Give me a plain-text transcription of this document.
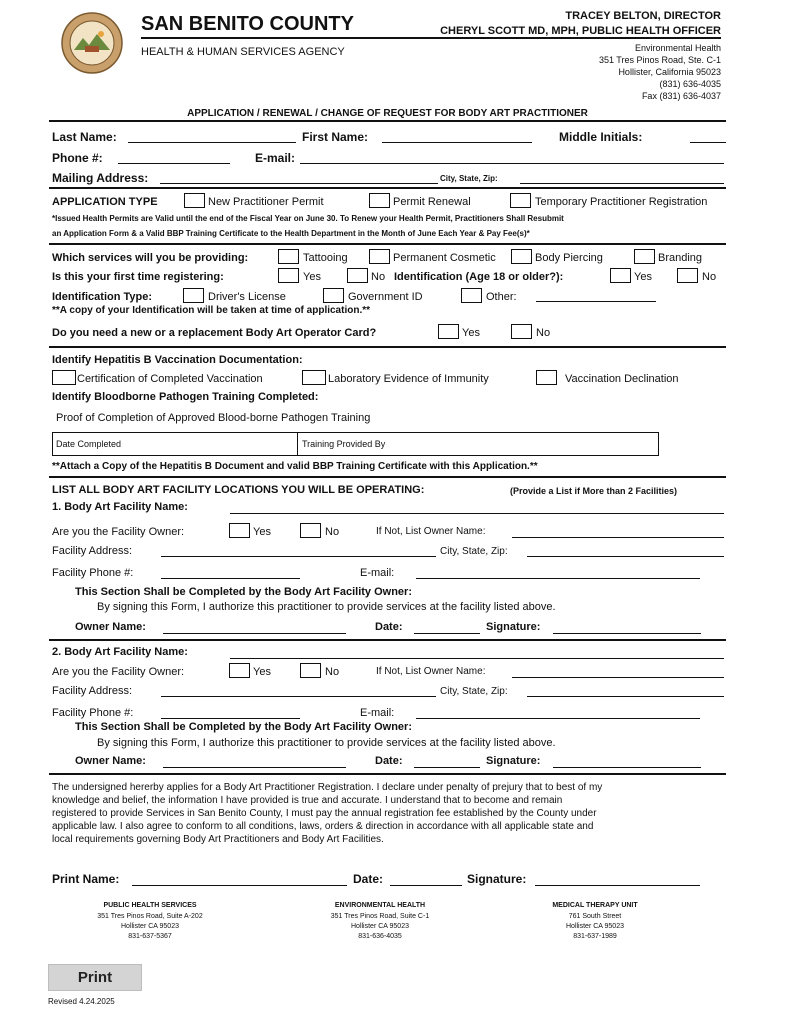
SAN BENITO COUNTY
HEALTH & HUMAN SERVICES AGENCY
TRACEY BELTON, DIRECTOR
CHERYL SCOTT MD, MPH, PUBLIC HEALTH OFFICER
Environmental Health
351 Tres Pinos Road, Ste. C-1
Hollister, California 95023
(831) 636-4035
Fax (831) 636-4037
APPLICATION / RENEWAL / CHANGE OF REQUEST FOR BODY ART PRACTITIONER
Last Name:	First Name:	Middle Initials:
Phone #:	E-mail:
Mailing Address:	City, State, Zip:
APPLICATION TYPE	New Practitioner Permit	Permit Renewal	Temporary Practitioner Registration
*Issued Health Permits are Valid until the end of the Fiscal Year on June 30. To Renew your Health Permit, Practitioners Shall Resubmit
an Application Form & a Valid BBP Training Certificate to the Health Department in the Month of June Each Year & Pay Fee(s)*
Which services will you be providing:	Tattooing	Permanent Cosmetic	Body Piercing	Branding
Is this your first time registering:	Yes	No Identification (Age 18 or older?):	Yes	No
Identification Type:	Driver's License	Government ID	Other:
**A copy of your Identification will be taken at time of application.**
Do you need a new or a replacement Body Art Operator Card?	Yes	No
Identify Hepatitis B Vaccination Documentation:
Certification of Completed Vaccination	Laboratory Evidence of Immunity	Vaccination Declination
Identify Bloodborne Pathogen Training Completed:
Proof of Completion of Approved Blood-borne Pathogen Training
Date Completed	Training Provided By
**Attach a Copy of the Hepatitis B Document and valid BBP Training Certificate with this Application.**
LIST ALL BODY ART FACILITY LOCATIONS YOU WILL BE OPERATING:	(Provide a List if More than 2 Facilities)
1. Body Art Facility Name:
Are you the Facility Owner:	Yes	No	If Not, List Owner Name:
Facility Address:	City, State, Zip:
Facility Phone #:	E-mail:
This Section Shall be Completed by the Body Art Facility Owner:
By signing this Form, I authorize this practitioner to provide services at the facility listed above.
Owner Name:	Date:	Signature:
2. Body Art Facility Name:
Are you the Facility Owner:	Yes	No	If Not, List Owner Name:
Facility Address:	City, State, Zip:
Facility Phone #:	E-mail:
This Section Shall be Completed by the Body Art Facility Owner:
By signing this Form, I authorize this practitioner to provide services at the facility listed above.
Owner Name:	Date:	Signature:
The undersigned hererby applies for a Body Art Practitioner Registration. I declare under penalty of prejury that to best of my
knowledge and belief, the information I have provided is true and accurate. I understand that to become and remain
registered to provide Services in San Benito County, I must pay the annual registration fee established by the County under
applicable law. I also agree to conform to all conditions, laws, orders & direction in accordance with all applicable state and
local requirements governing Body Art Practitioners and Body Art Facilities.
Print Name:	Date:	Signature:
PUBLIC HEALTH SERVICES
351 Tres Pinos Road, Suite A-202
Hollister CA 95023
831-637-5367
ENVIRONMENTAL HEALTH
351 Tres Pinos Road, Suite C-1
Hollister CA 95023
831-636-4035
MEDICAL THERAPY UNIT
761 South Street
Hollister CA 95023
831-637-1989
Print
Revised 4.24.2025
